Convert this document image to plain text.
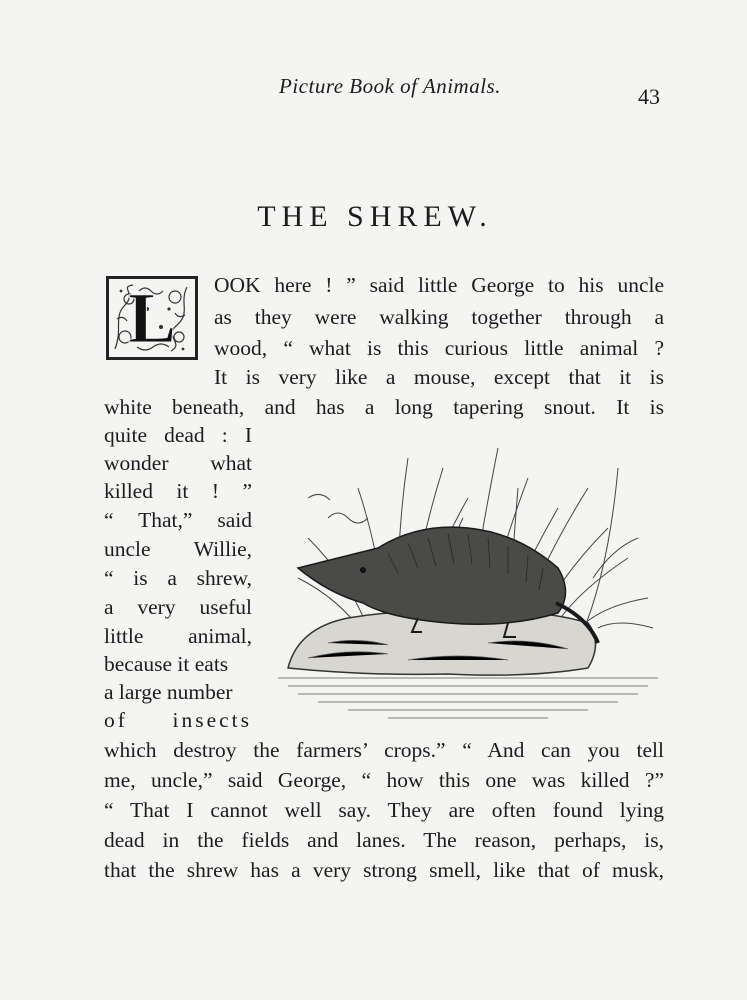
Picture Book of Animals.	43
THE SHREW.
L	OOK here ! ” said little George to his uncle
as they were walking together through a
wood, “ what is this curious little animal ?
It is very like a mouse, except that it is
white beneath, and has a long tapering snout. It is
quite dead : I
wonder what
killed it ! ”
“ That,” said
uncle Willie,
“ is a shrew,
a very useful
little animal,
because it eats
a large number
of insects
which destroy the farmers’ crops.” “ And can you tell
me, uncle,” said George, “ how this one was killed ?”
“ That I cannot well say. They are often found lying
dead in the fields and lanes. The reason, perhaps, is,
that the shrew has a very strong smell, like that of musk,
